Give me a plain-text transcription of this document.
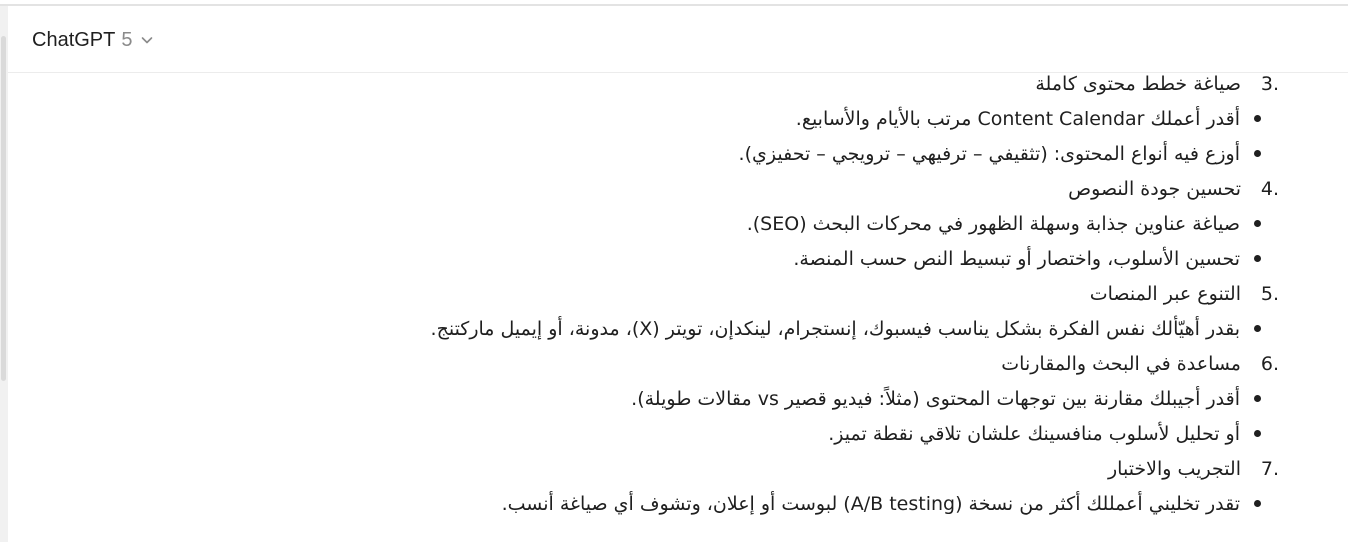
ChatGPT 5
3.
صياغة خطط محتوى كاملة
أقدر أعملك Content Calendar مرتب بالأيام والأسابيع.
أوزع فيه أنواع المحتوى: (تثقيفي – ترفيهي – ترويجي – تحفيزي).
4.
تحسين جودة النصوص
صياغة عناوين جذابة وسهلة الظهور في محركات البحث (SEO).
تحسين الأسلوب، واختصار أو تبسيط النص حسب المنصة.
5.
التنوع عبر المنصات
بقدر أهيّألك نفس الفكرة بشكل يناسب فيسبوك، إنستجرام، لينكدإن، تويتر (X)، مدونة، أو إيميل ماركتنج.
6.
مساعدة في البحث والمقارنات
أقدر أجيبلك مقارنة بين توجهات المحتوى (مثلاً: فيديو قصير vs مقالات طويلة).
أو تحليل لأسلوب منافسينك علشان تلاقي نقطة تميز.
7.
التجريب والاختبار
تقدر تخليني أعمللك أكثر من نسخة (A/B testing) لبوست أو إعلان، وتشوف أي صياغة أنسب.
